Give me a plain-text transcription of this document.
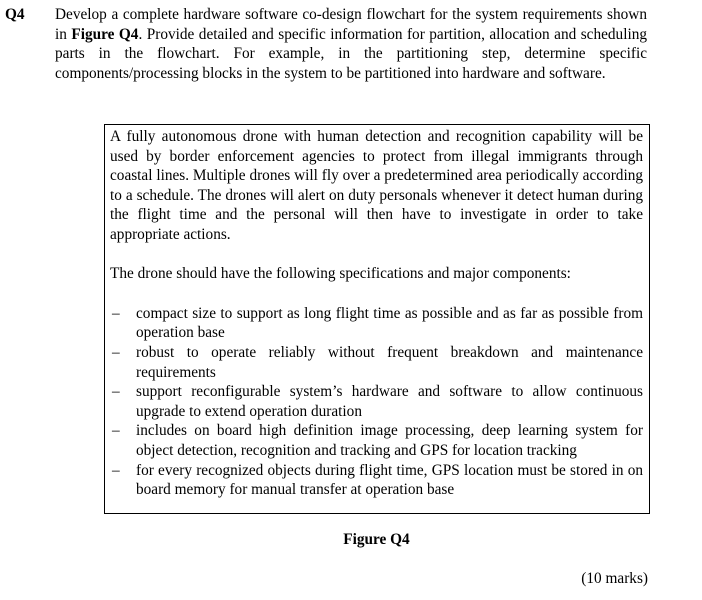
Q4 Develop a complete hardware software co-design flowchart for the system requirements shown in Figure Q4. Provide detailed and specific information for partition, allocation and scheduling parts in the flowchart. For example, in the partitioning step, determine specific components/processing blocks in the system to be partitioned into hardware and software.

A fully autonomous drone with human detection and recognition capability will be used by border enforcement agencies to protect from illegal immigrants through coastal lines. Multiple drones will fly over a predetermined area periodically according to a schedule. The drones will alert on duty personals whenever it detect human during the flight time and the personal will then have to investigate in order to take appropriate actions.

The drone should have the following specifications and major components:

– compact size to support as long flight time as possible and as far as possible from operation base
– robust to operate reliably without frequent breakdown and maintenance requirements
– support reconfigurable system’s hardware and software to allow continuous upgrade to extend operation duration
– includes on board high definition image processing, deep learning system for object detection, recognition and tracking and GPS for location tracking
– for every recognized objects during flight time, GPS location must be stored in on board memory for manual transfer at operation base
Figure Q4
(10 marks)
